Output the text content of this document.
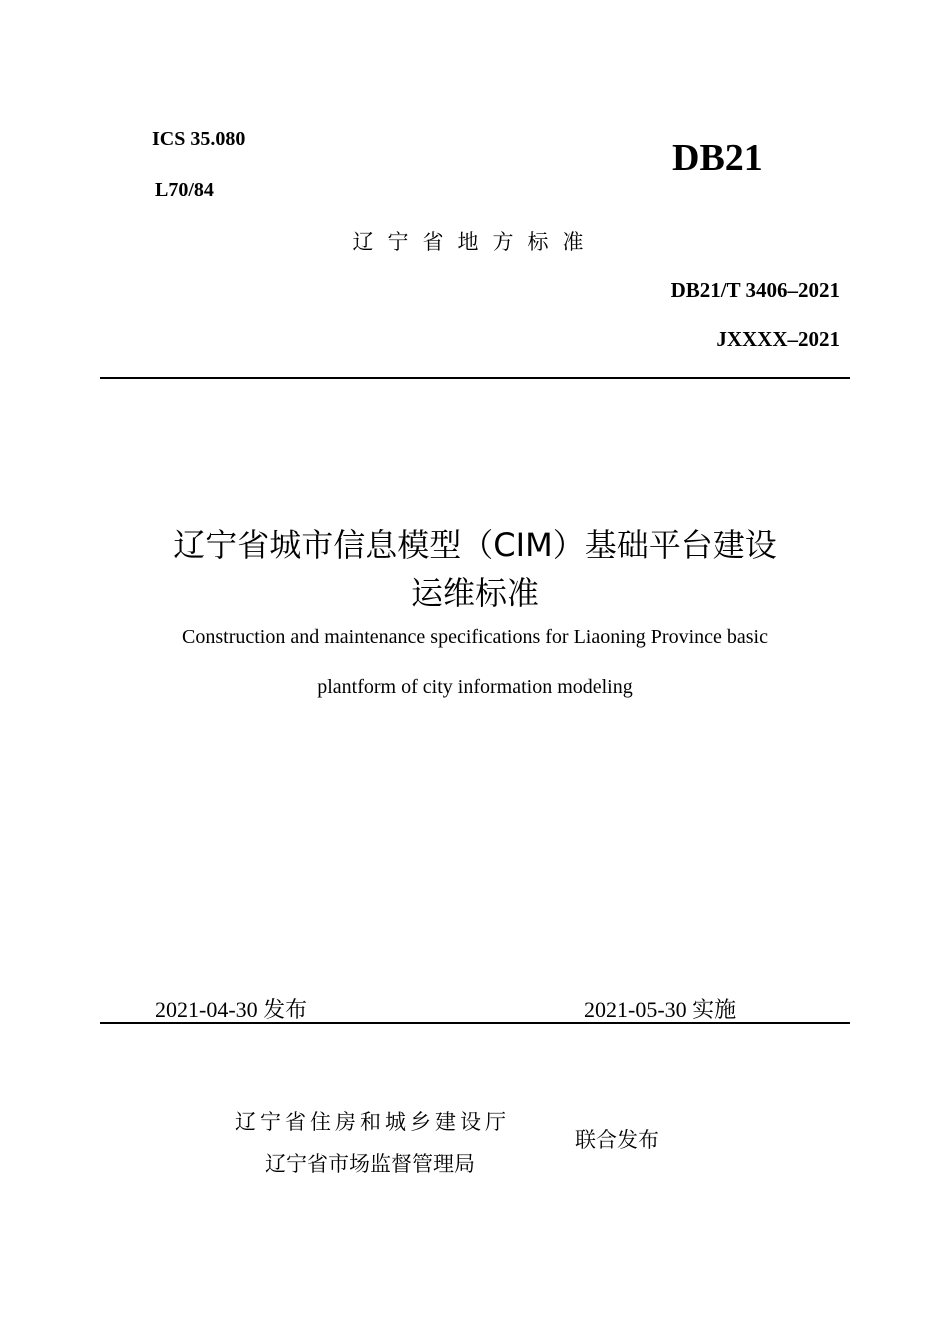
ICS 35.080
L70/84
DB21
辽宁省地方标准
DB21/T 3406–2021
JXXXX–2021
辽宁省城市信息模型（CIM）基础平台建设
运维标准
Construction and maintenance specifications for Liaoning Province basic
plantform of city information modeling
2021-04-30 发布	2021-05-30 实施
辽宁省住房和城乡建设厅
辽宁省市场监督管理局
联合发布
